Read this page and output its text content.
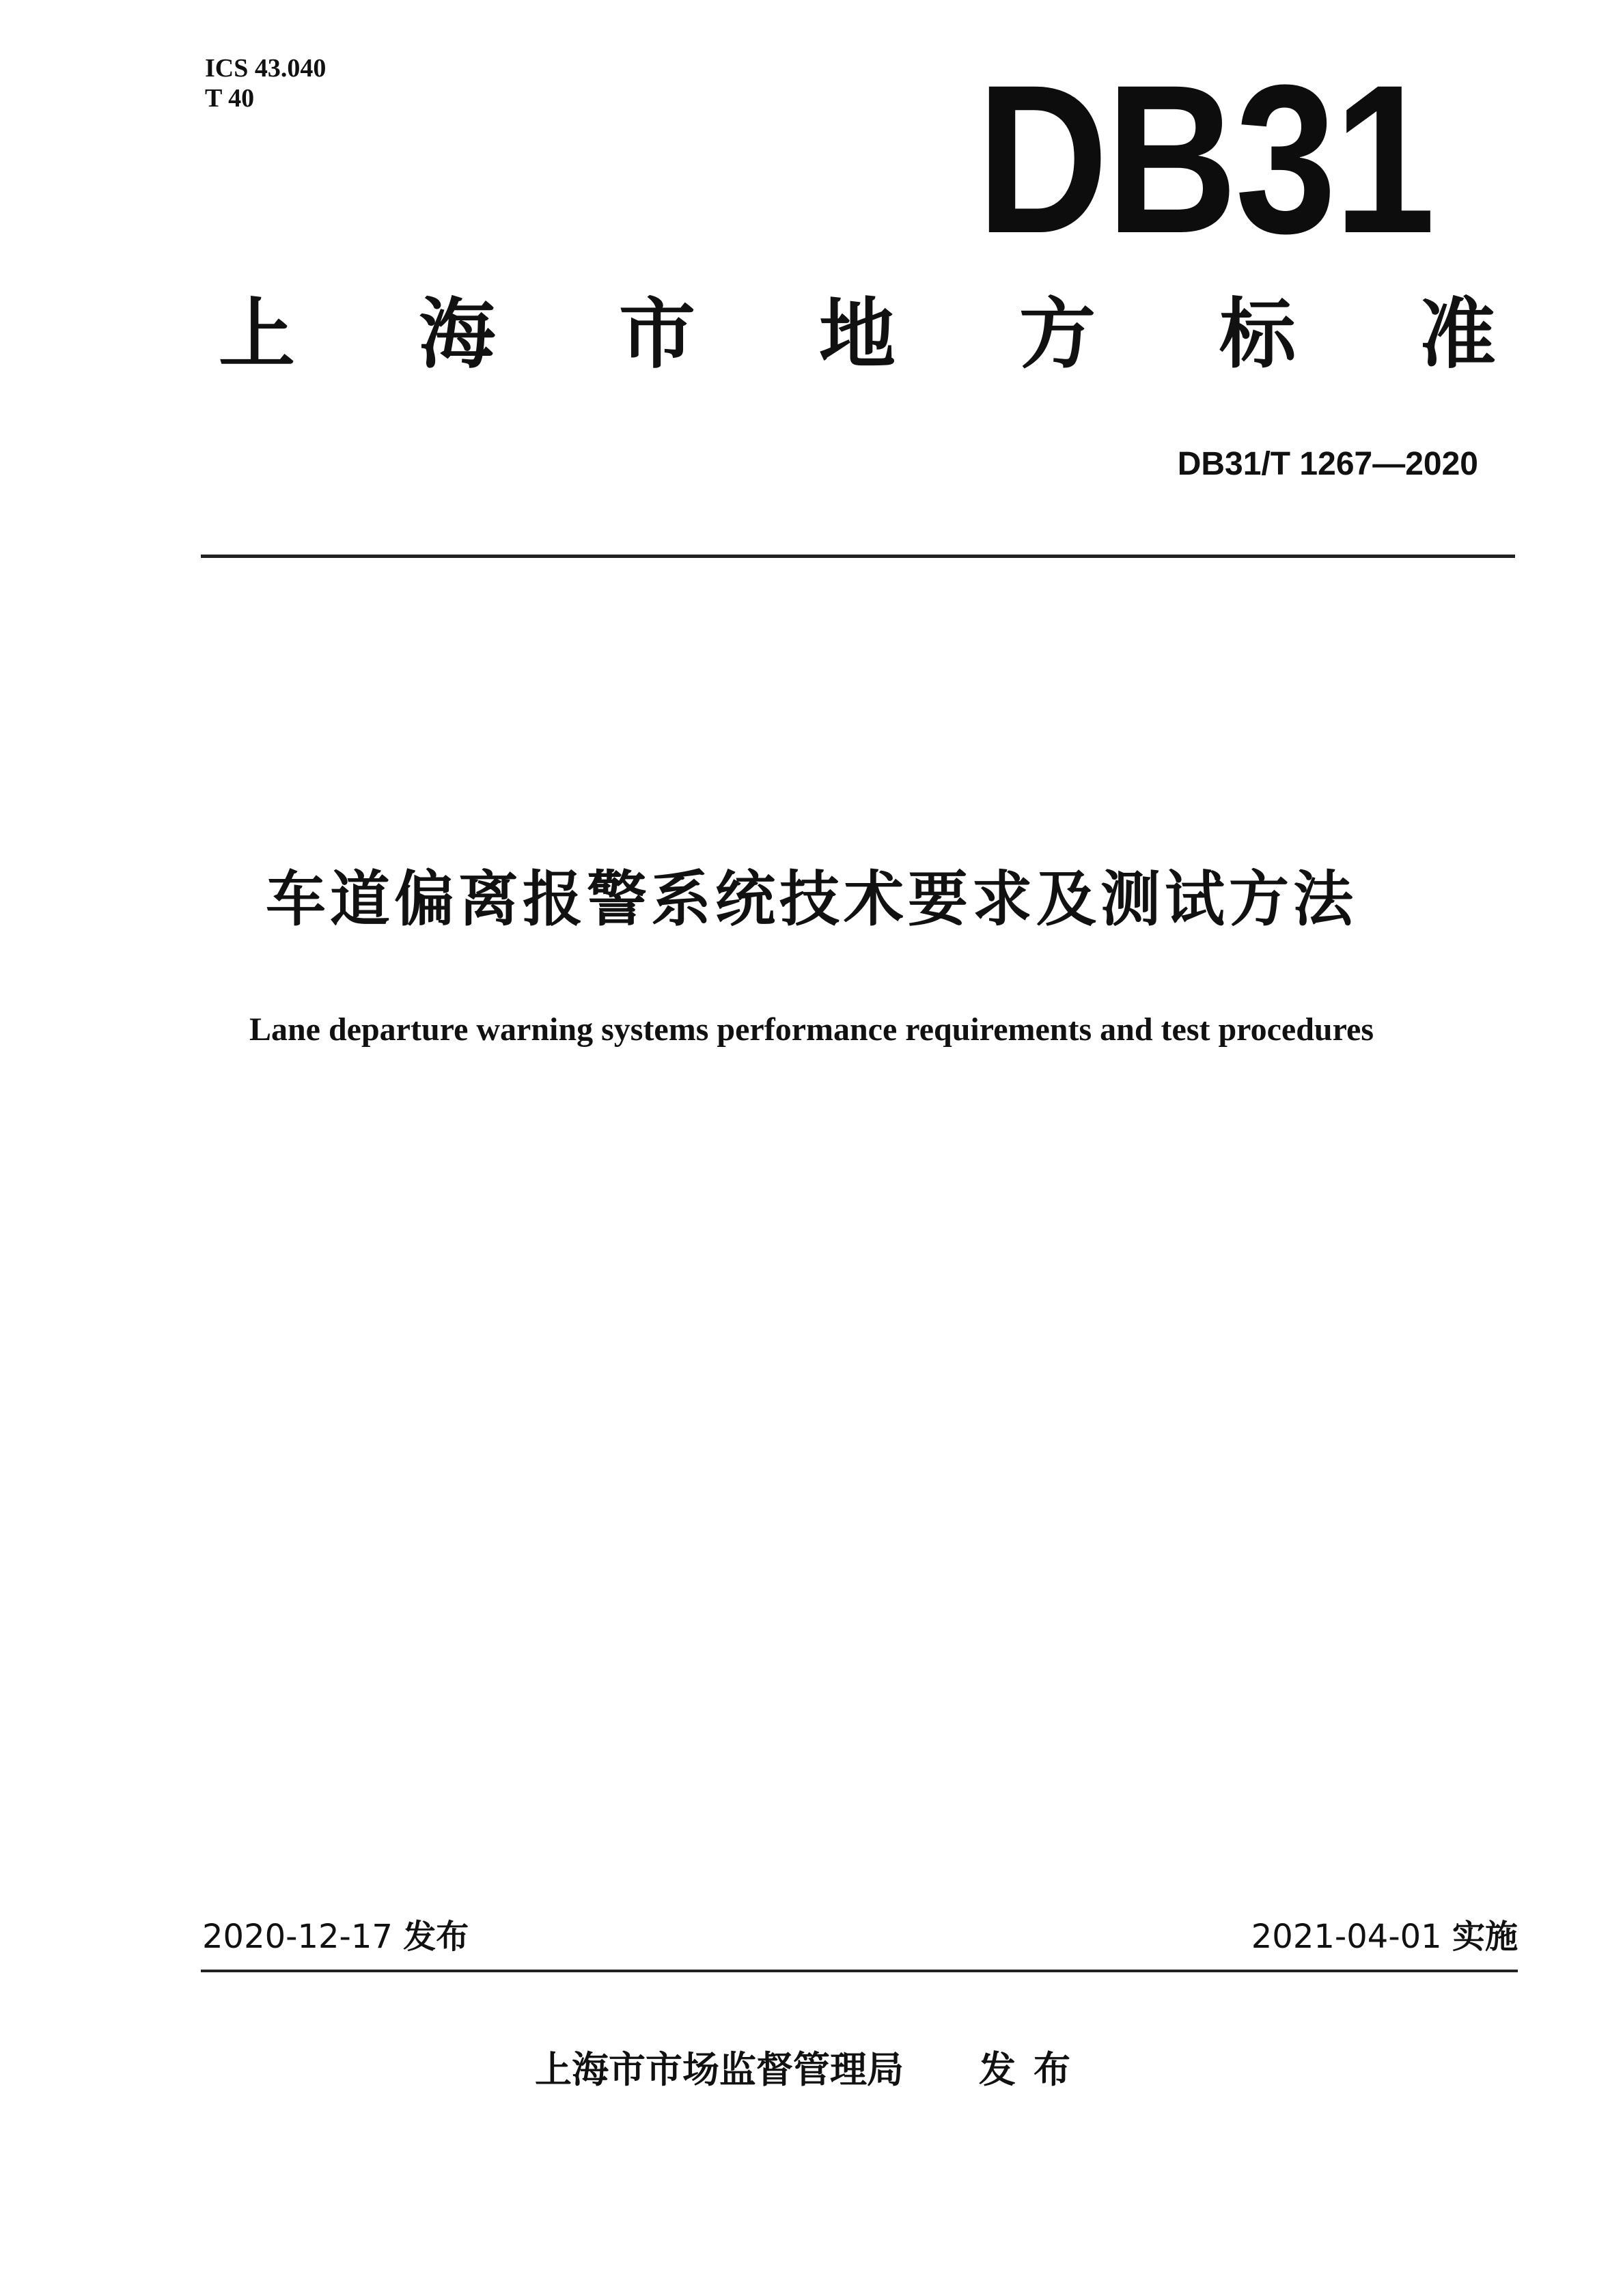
ICS 43.040
T 40	DB31
上 海 市 地 方 标 准
DB31/T 1267—2020
车道偏离报警系统技术要求及测试方法
Lane departure warning systems performance requirements and test procedures
2020-12-17 发布	2021-04-01 实施
上海市市场监督管理局 发布
